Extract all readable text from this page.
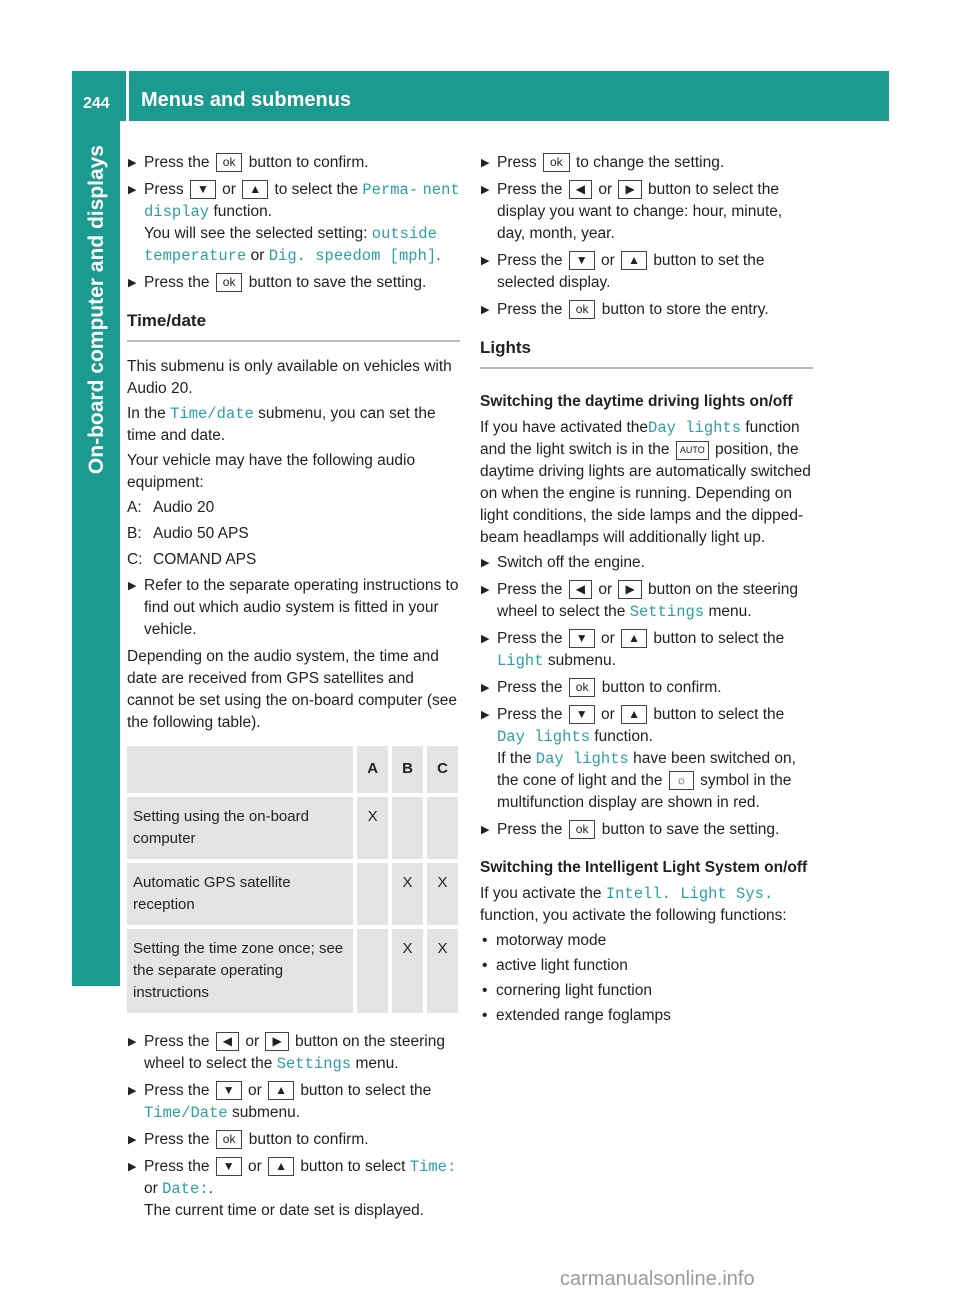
244 Menus and submenus
On-board computer and displays	▶ Press the ok button to confirm.
▶ Press ▼ or ▲ to select the Perma- nent display function.
You will see the selected setting: outside temperature or Dig. speedom [mph].
▶ Press the ok button to save the setting.
Time/date

This submenu is only available on vehicles with Audio 20.

In the Time/date submenu, you can set the time and date.

Your vehicle may have the following audio equipment:

A: Audio 20
B: Audio 50 APS
C: COMAND APS
▶ Refer to the separate operating instructions to find out which audio system is fitted in your vehicle.

Depending on the audio system, the time and date are received from GPS satellites and cannot be set using the on-board computer (see the following table).

	A	B	C
Setting using the on-board computer	X		
Automatic GPS satellite reception		X	X
Setting the time zone once; see the separate operating instructions		X	X
▶ Press the ◀ or ▶ button on the steering wheel to select the Settings menu.
▶ Press the ▼ or ▲ button to select the Time/Date submenu.
▶ Press the ok button to confirm.
▶ Press the ▼ or ▲ button to select Time: or Date:.
The current time or date set is displayed.
▶ Press ok to change the setting.
▶ Press the ◀ or ▶ button to select the display you want to change: hour, minute, day, month, year.
▶ Press the ▼ or ▲ button to set the selected display.
▶ Press the ok button to store the entry.
Lights
Switching the daytime driving lights on/off

If you have activated theDay lights function and the light switch is in the AUTO position, the daytime driving lights are automatically switched on when the engine is running. Depending on light conditions, the side lamps and the dipped-beam headlamps will additionally light up.

▶ Switch off the engine.
▶ Press the ◀ or ▶ button on the steering wheel to select the Settings menu.
▶ Press the ▼ or ▲ button to select the Light submenu.
▶ Press the ok button to confirm.
▶ Press the ▼ or ▲ button to select the Day lights function.
If the Day lights have been switched on, the cone of light and the ☼ symbol in the multifunction display are shown in red.
▶ Press the ok button to save the setting.
Switching the Intelligent Light System on/off

If you activate the Intell. Light Sys. function, you activate the following functions:

• motorway mode
• active light function
• cornering light function
• extended range foglamps
carmanualsonline.info
